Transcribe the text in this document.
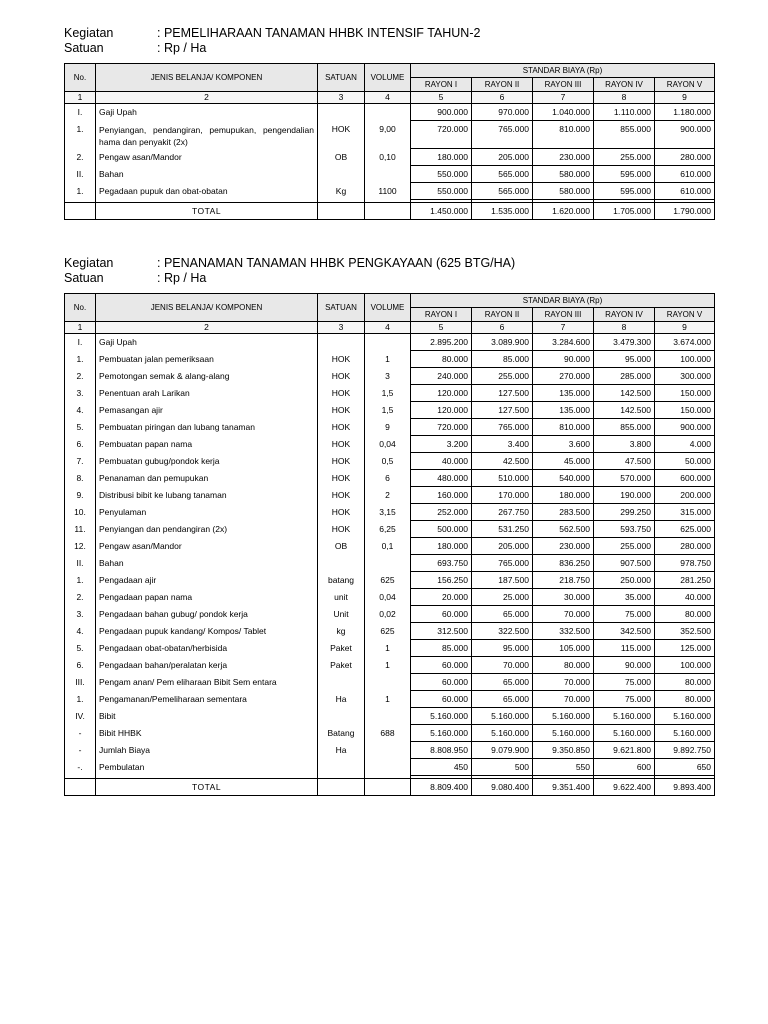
Kegiatan	: PEMELIHARAAN TANAMAN HHBK INTENSIF TAHUN-2
Satuan	: Rp / Ha
No.	JENIS BELANJA/ KOMPONEN	SATUAN	VOLUME	STANDAR BIAYA (Rp)				
				RAYON I	RAYON II	RAYON III	RAYON IV	RAYON V
1	2	3	4	5	6	7	8	9
I.	Gaji Upah			900.000	970.000	1.040.000	1.110.000	1.180.000
1.	Penyiangan, pendangiran, pemupukan, pengendalian hama dan penyakit (2x)	HOK	9,00	720.000	765.000	810.000	855.000	900.000
2.	Pengaw asan/Mandor	OB	0,10	180.000	205.000	230.000	255.000	280.000
II.	Bahan			550.000	565.000	580.000	595.000	610.000
1.	Pegadaan pupuk dan obat-obatan	Kg	1100	550.000	565.000	580.000	595.000	610.000

	TOTAL			1.450.000	1.535.000	1.620.000	1.705.000	1.790.000
Kegiatan	: PENANAMAN TANAMAN HHBK PENGKAYAAN (625 BTG/HA)
Satuan	: Rp / Ha
No.	JENIS BELANJA/ KOMPONEN	SATUAN	VOLUME	STANDAR BIAYA (Rp)				
				RAYON I	RAYON II	RAYON III	RAYON IV	RAYON V
1	2	3	4	5	6	7	8	9
I.	Gaji Upah			2.895.200	3.089.900	3.284.600	3.479.300	3.674.000
1.	Pembuatan jalan pemeriksaan	HOK	1	80.000	85.000	90.000	95.000	100.000
2.	Pemotongan semak & alang-alang	HOK	3	240.000	255.000	270.000	285.000	300.000
3.	Penentuan arah Larikan	HOK	1,5	120.000	127.500	135.000	142.500	150.000
4.	Pemasangan ajir	HOK	1,5	120.000	127.500	135.000	142.500	150.000
5.	Pembuatan piringan dan lubang tanaman	HOK	9	720.000	765.000	810.000	855.000	900.000
6.	Pembuatan papan nama	HOK	0,04	3.200	3.400	3.600	3.800	4.000
7.	Pembuatan gubug/pondok kerja	HOK	0,5	40.000	42.500	45.000	47.500	50.000
8.	Penanaman dan pemupukan	HOK	6	480.000	510.000	540.000	570.000	600.000
9.	Distribusi bibit ke lubang tanaman	HOK	2	160.000	170.000	180.000	190.000	200.000
10.	Penyulaman	HOK	3,15	252.000	267.750	283.500	299.250	315.000
11.	Penyiangan dan pendangiran (2x)	HOK	6,25	500.000	531.250	562.500	593.750	625.000
12.	Pengaw asan/Mandor	OB	0,1	180.000	205.000	230.000	255.000	280.000
II.	Bahan			693.750	765.000	836.250	907.500	978.750
1.	Pengadaan ajir	batang	625	156.250	187.500	218.750	250.000	281.250
2.	Pengadaan papan nama	unit	0,04	20.000	25.000	30.000	35.000	40.000
3.	Pengadaan bahan gubug/ pondok kerja	Unit	0,02	60.000	65.000	70.000	75.000	80.000
4.	Pengadaan pupuk kandang/ Kompos/ Tablet	kg	625	312.500	322.500	332.500	342.500	352.500
5.	Pengadaan obat-obatan/herbisida	Paket	1	85.000	95.000	105.000	115.000	125.000
6.	Pengadaan bahan/peralatan kerja	Paket	1	60.000	70.000	80.000	90.000	100.000
III.	Pengam anan/ Pem eliharaan Bibit Sem entara			60.000	65.000	70.000	75.000	80.000
1.	Pengamanan/Pemeliharaan sementara	Ha	1	60.000	65.000	70.000	75.000	80.000
IV.	Bibit			5.160.000	5.160.000	5.160.000	5.160.000	5.160.000
-	Bibit HHBK	Batang	688	5.160.000	5.160.000	5.160.000	5.160.000	5.160.000
-	Jumlah Biaya	Ha		8.808.950	9.079.900	9.350.850	9.621.800	9.892.750
-.	Pembulatan			450	500	550	600	650

	TOTAL			8.809.400	9.080.400	9.351.400	9.622.400	9.893.400
